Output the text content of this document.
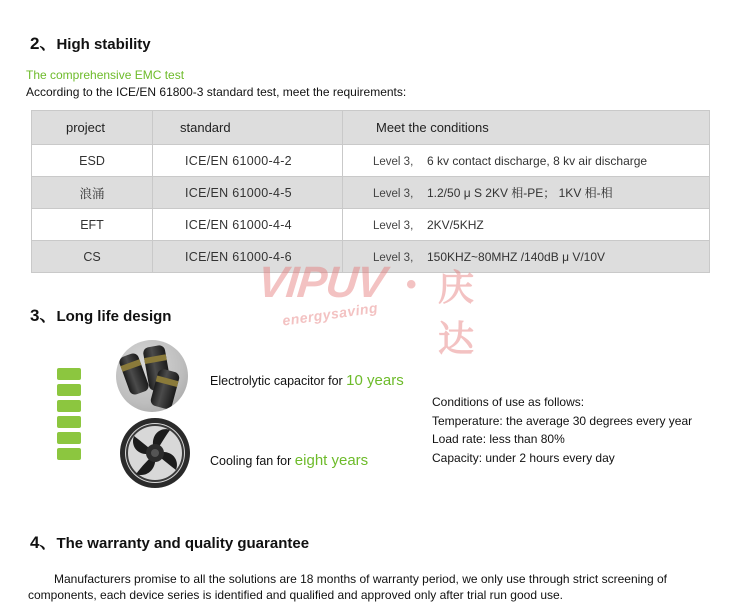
2、High stability
The comprehensive EMC test
According to the ICE/EN 61800-3 standard test, meet the requirements:
project	standard	Meet the conditions
ESD	ICE/EN 61000-4-2	Level 3, 6 kv contact discharge, 8 kv air discharge
浪涌	ICE/EN 61000-4-5	Level 3, 1.2/50 μ S 2KV 相-PE； 1KV 相-相
EFT	ICE/EN 61000-4-4	Level 3, 2KV/5KHZ
CS	ICE/EN 61000-4-6	Level 3, 150KHZ~80MHZ /140dB μ V/10V
VIPUV • 庆达
energysaving
3、Long life design
Electrolytic capacitor for 10 years
Cooling fan for eight years
Conditions of use as follows:
Temperature: the average 30 degrees every year
Load rate: less than 80%
Capacity: under 2 hours every day
4、The warranty and quality guarantee
Manufacturers promise to all the solutions are 18 months of warranty period, we only use through strict screening of components, each device series is identified and qualified and approved only after trial run good use.
